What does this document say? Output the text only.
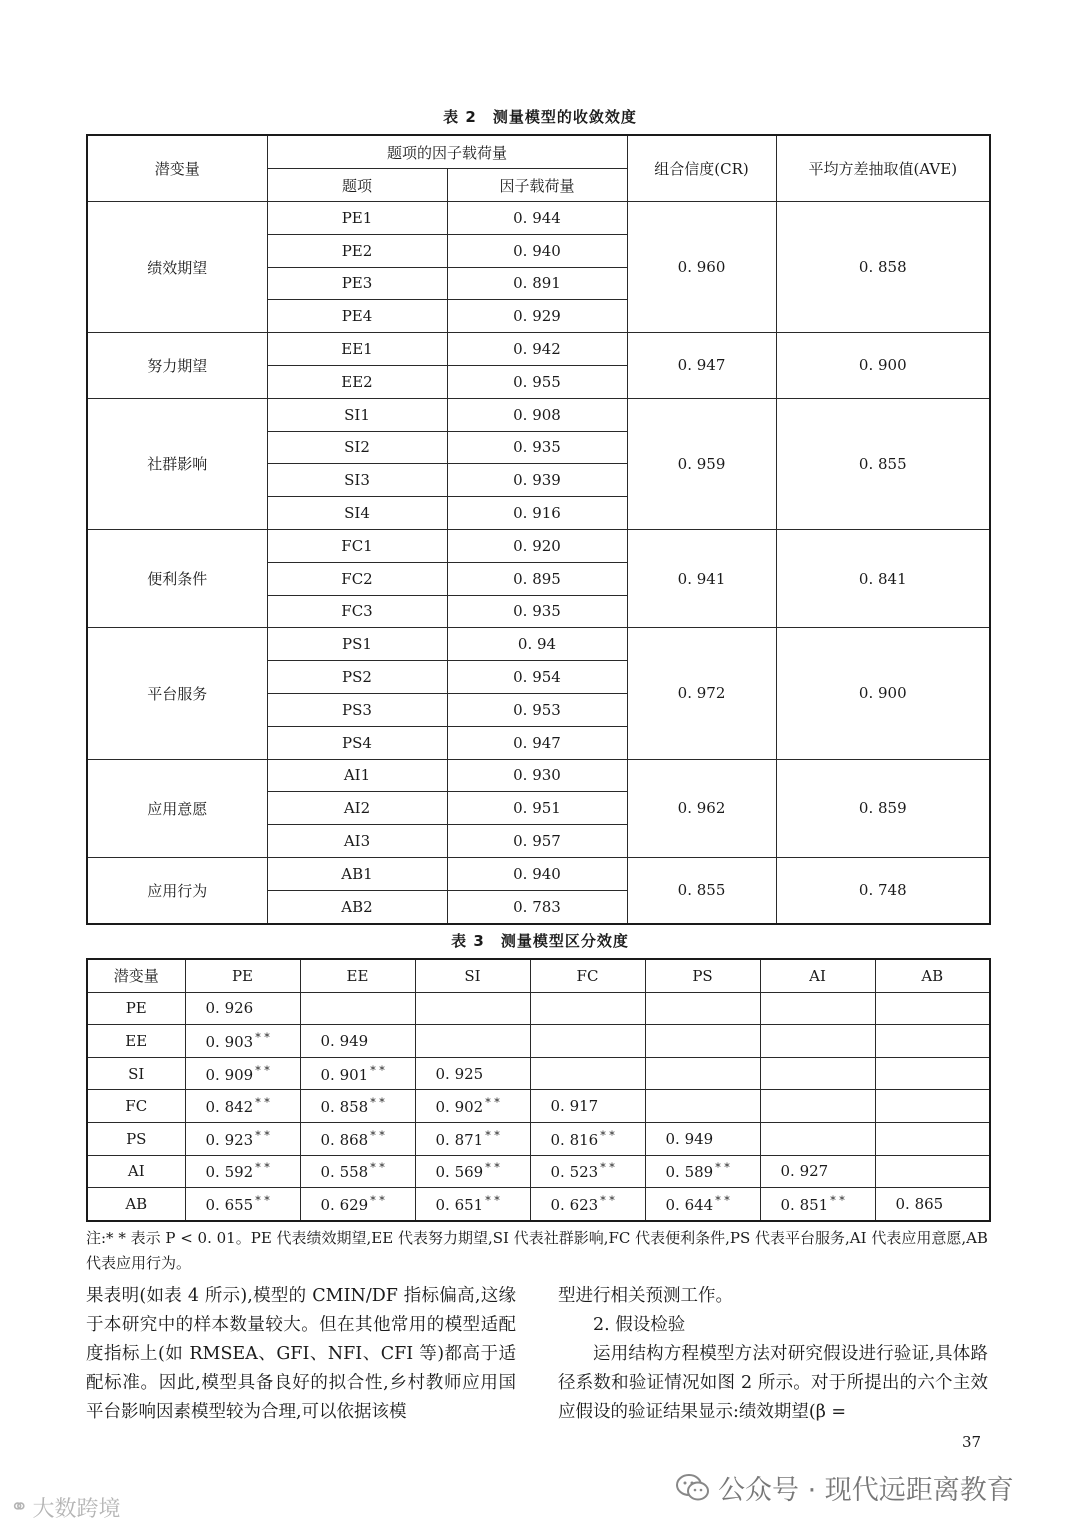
表 2　测量模型的收敛效度
潜变量	题项的因子载荷量		组合信度(CR)	平均方差抽取值(AVE)
	题项	因子载荷量		
绩效期望	PE1	0. 944	0. 960	0. 858
	PE2	0. 940		
	PE3	0. 891		
	PE4	0. 929		
努力期望	EE1	0. 942	0. 947	0. 900
	EE2	0. 955		
社群影响	SI1	0. 908	0. 959	0. 855
	SI2	0. 935		
	SI3	0. 939		
	SI4	0. 916		
便利条件	FC1	0. 920	0. 941	0. 841
	FC2	0. 895		
	FC3	0. 935		
平台服务	PS1	0. 94	0. 972	0. 900
	PS2	0. 954		
	PS3	0. 953		
	PS4	0. 947		
应用意愿	AI1	0. 930	0. 962	0. 859
	AI2	0. 951		
	AI3	0. 957		
应用行为	AB1	0. 940	0. 855	0. 748
	AB2	0. 783		
表 3　测量模型区分效度
潜变量	PE	EE	SI	FC	PS	AI	AB
PE	0. 926						
EE	0. 903 * *	0. 949					
SI	0. 909 * *	0. 901 * *	0. 925				
FC	0. 842 * *	0. 858 * *	0. 902 * *	0. 917			
PS	0. 923 * *	0. 868 * *	0. 871 * *	0. 816 * *	0. 949		
AI	0. 592 * *	0. 558 * *	0. 569 * *	0. 523 * *	0. 589 * *	0. 927	
AB	0. 655 * *	0. 629 * *	0. 651 * *	0. 623 * *	0. 644 * *	0. 851 * *	0. 865

注:* * 表示 P < 0. 01。PE 代表绩效期望,EE 代表努力期望,SI 代表社群影响,FC 代表便利条件,PS 代表平台服务,AI 代表应用意愿,AB 代表应用行为。

果表明(如表 4 所示),模型的 CMIN/DF 指标偏高,这缘于本研究中的样本数量较大。但在其他常用的模型适配度指标上(如 RMSEA、GFI、NFI、CFI 等)都高于适配标准。因此,模型具备良好的拟合性,乡村教师应用国平台影响因素模型较为合理,可以依据该模

型进行相关预测工作。

2. 假设检验

运用结构方程模型方法对研究假设进行验证,具体路径系数和验证情况如图 2 所示。对于所提出的六个主效应假设的验证结果显示:绩效期望(β =

37
公众号 · 现代远距离教育
⚭ 大数跨境
